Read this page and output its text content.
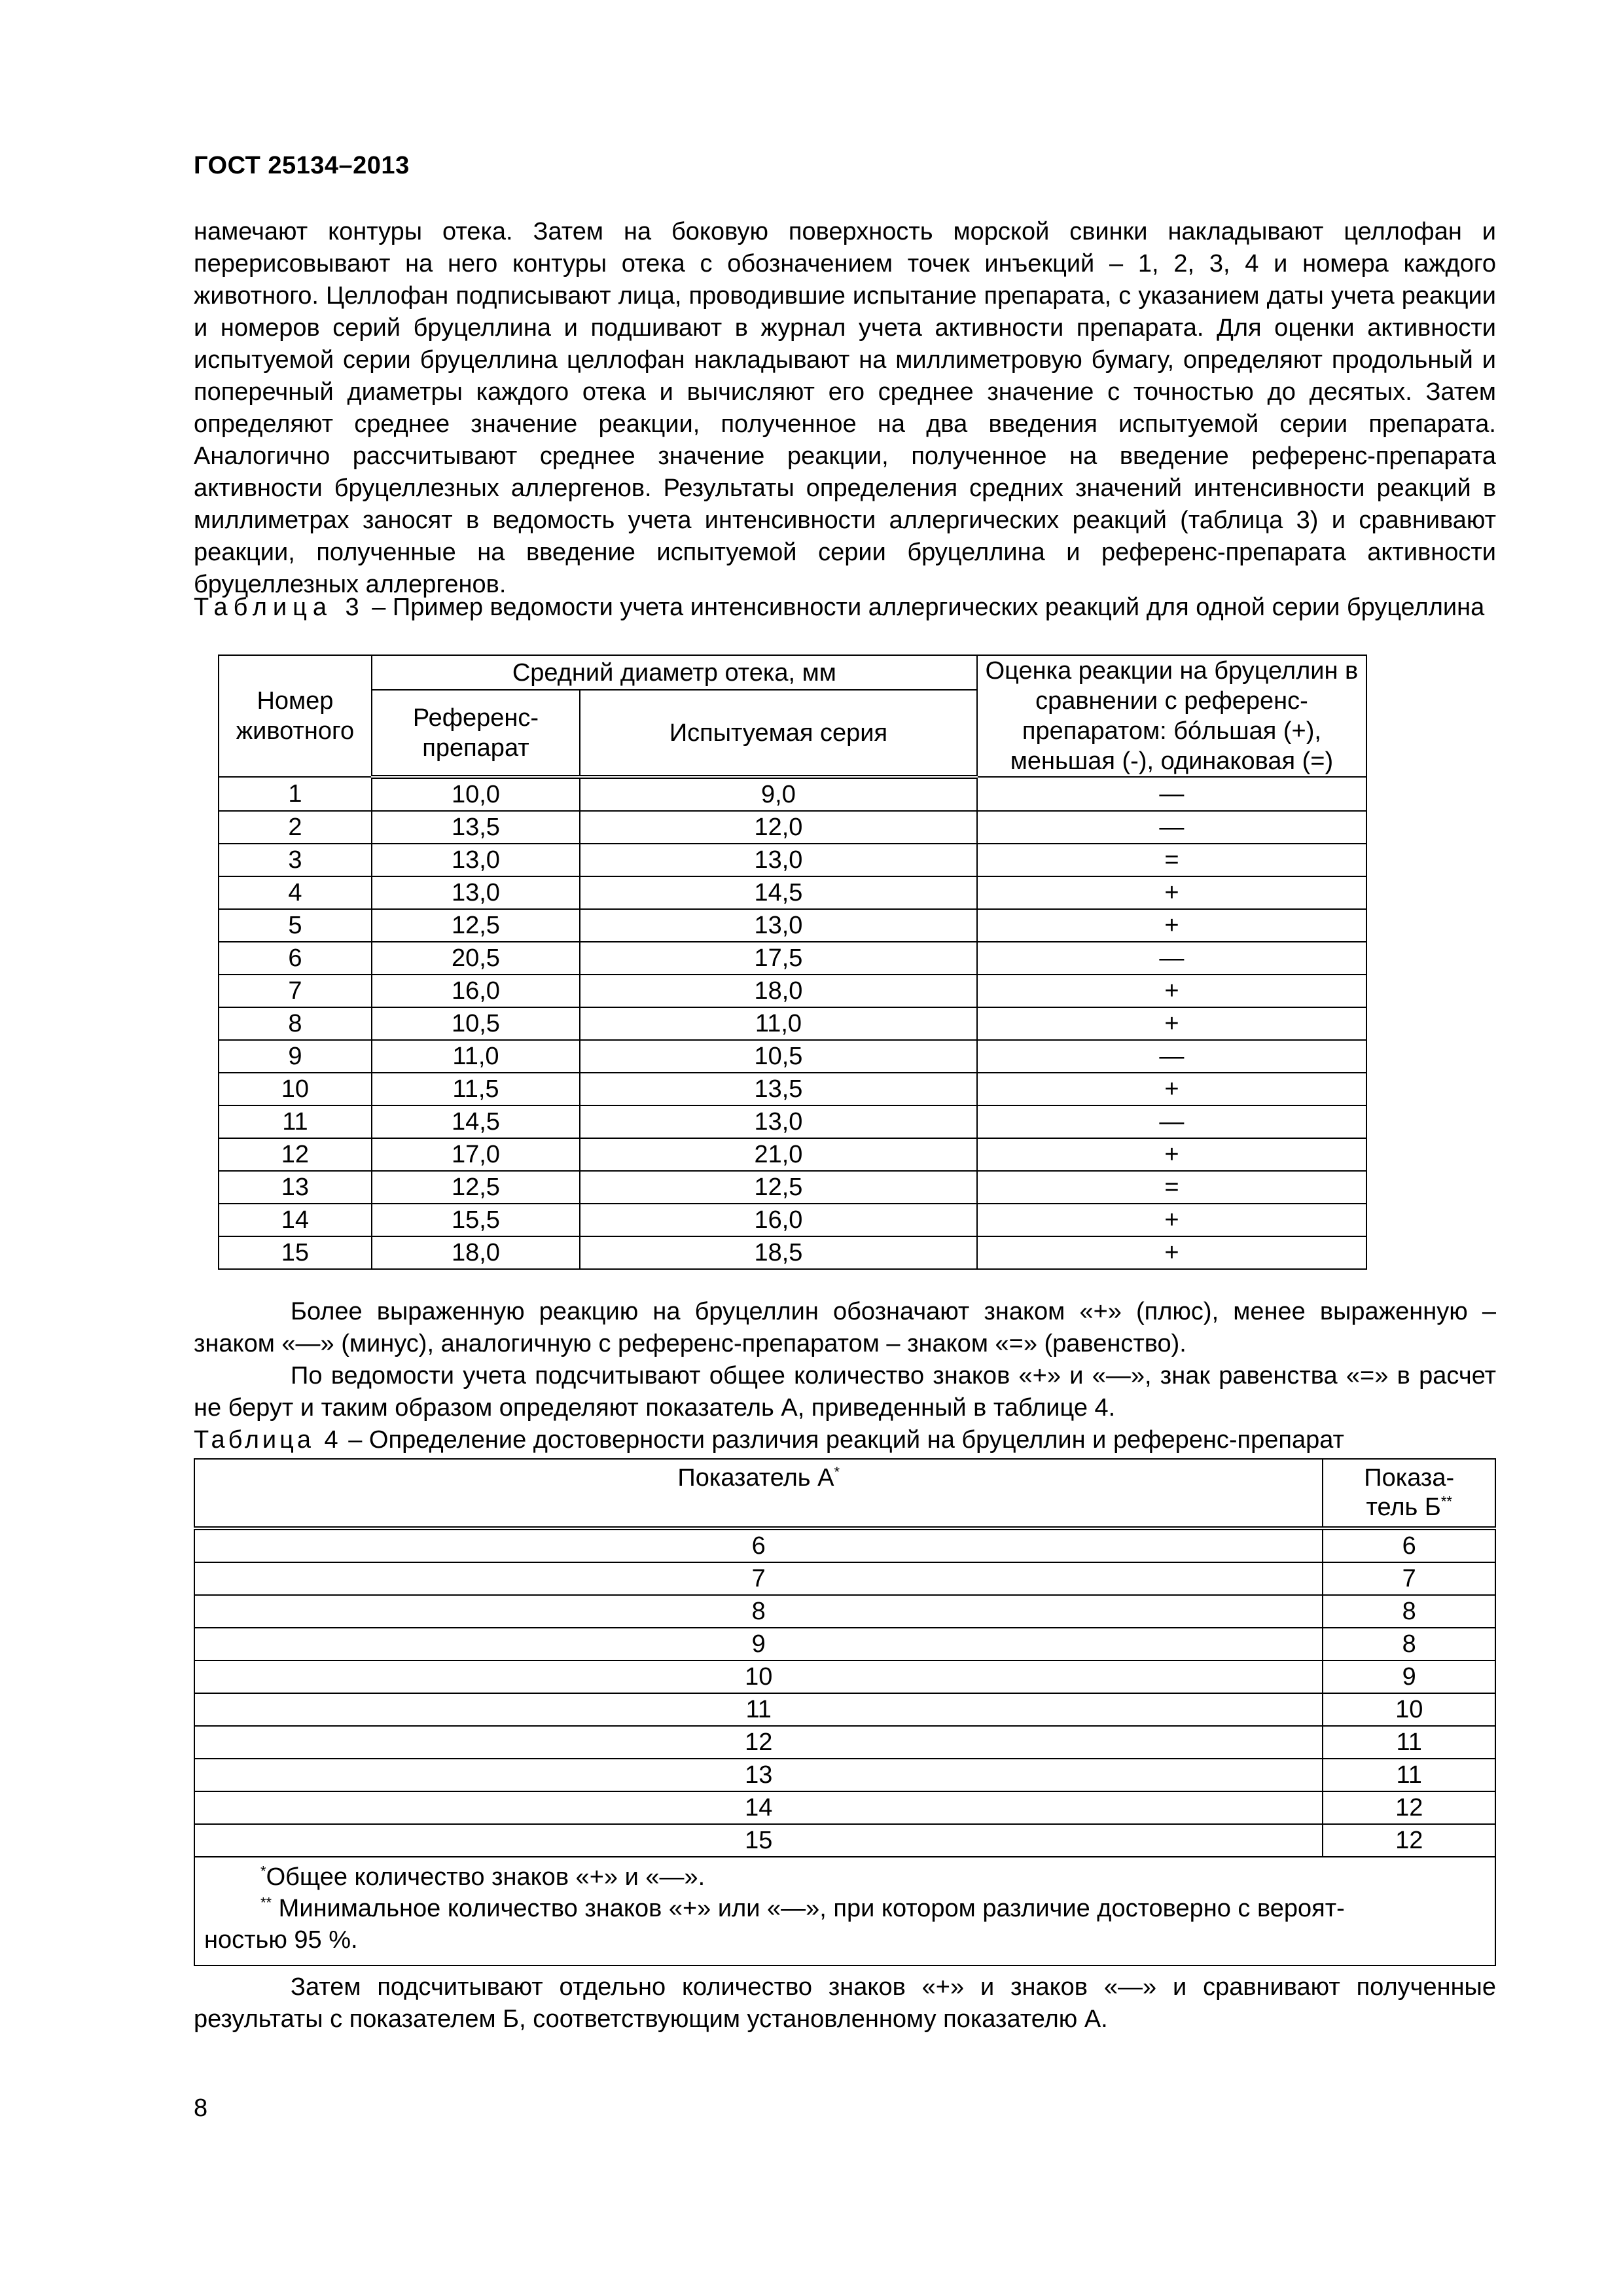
ГОСТ 25134–2013
намечают контуры отека. Затем на боковую поверхность морской свинки накладывают целлофан и перерисовывают на него контуры отека с обозначением точек инъекций – 1, 2, 3, 4 и номера каждого животного. Целлофан подписывают лица, проводившие испытание препарата, с указанием даты учета реакции и номеров серий бруцеллина и подшивают в журнал учета активности препарата. Для оценки активности испытуемой серии бруцеллина целлофан накладывают на миллиметровую бумагу, определяют продольный и поперечный диаметры каждого отека и вычисляют его среднее значение с точностью до десятых. Затем определяют среднее значение реакции, полученное на два введения испытуемой серии препарата. Аналогично рассчитывают среднее значение реакции, полученное на введение референс-препарата активности бруцеллезных аллергенов. Результаты определения средних значений интенсивности реакций в миллиметрах заносят в ведомость учета интенсивности аллергических реакций (таблица 3) и сравнивают реакции, полученные на введение испытуемой серии бруцеллина и референс-препарата активности бруцеллезных аллергенов.
Таблица 3 – Пример ведомости учета интенсивности аллергических реакций для одной серии бруцеллина
Номер животного	Средний диаметр отека, мм		Оценка реакции на бруцеллин в сравнении с референс-препаратом: бóльшая (+), меньшая (-), одинаковая (=)
	Референс-препарат	Испытуемая серия	
1	10,0	9,0	—
2	13,5	12,0	—
3	13,0	13,0	=
4	13,0	14,5	+
5	12,5	13,0	+
6	20,5	17,5	—
7	16,0	18,0	+
8	10,5	11,0	+
9	11,0	10,5	—
10	11,5	13,5	+
11	14,5	13,0	—
12	17,0	21,0	+
13	12,5	12,5	=
14	15,5	16,0	+
15	18,0	18,5	+
Более выраженную реакцию на бруцеллин обозначают знаком «+» (плюс), менее выраженную – знаком «—» (минус), аналогичную с референс-препаратом – знаком «=» (равенство).
По ведомости учета подсчитывают общее количество знаков «+» и «—», знак равенства «=» в расчет не берут и таким образом определяют показатель А, приведенный в таблице 4.
Таблица 4 – Определение достоверности различия реакций на бруцеллин и референс-препарат
Показатель А*	Показа-
тель Б**
6	6
7	7
8	8
9	8
10	9
11	10
12	11
13	11
14	12
15	12

*Общее количество знаков «+» и «—».
** Минимальное количество знаков «+» или «—», при котором различие достоверно с вероят-
ностью 95 %.	
Затем подсчитывают отдельно количество знаков «+» и знаков «—» и сравнивают полученные результаты с показателем Б, соответствующим установленному показателю А.
8
